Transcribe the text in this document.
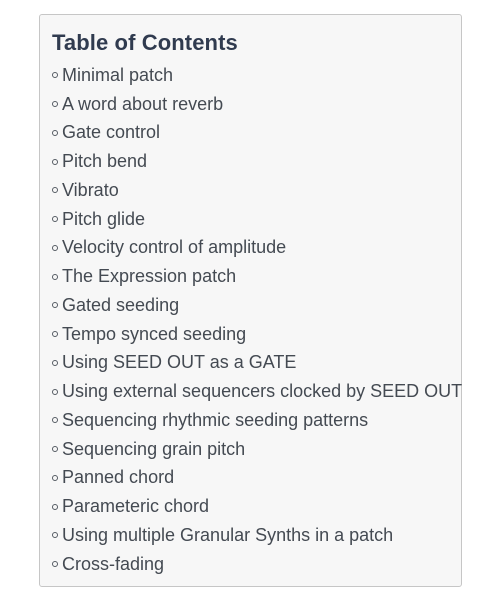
Table of Contents
Minimal patch
A word about reverb
Gate control
Pitch bend
Vibrato
Pitch glide
Velocity control of amplitude
The Expression patch
Gated seeding
Tempo synced seeding
Using SEED OUT as a GATE
Using external sequencers clocked by SEED OUT
Sequencing rhythmic seeding patterns
Sequencing grain pitch
Panned chord
Parameteric chord
Using multiple Granular Synths in a patch
Cross-fading
